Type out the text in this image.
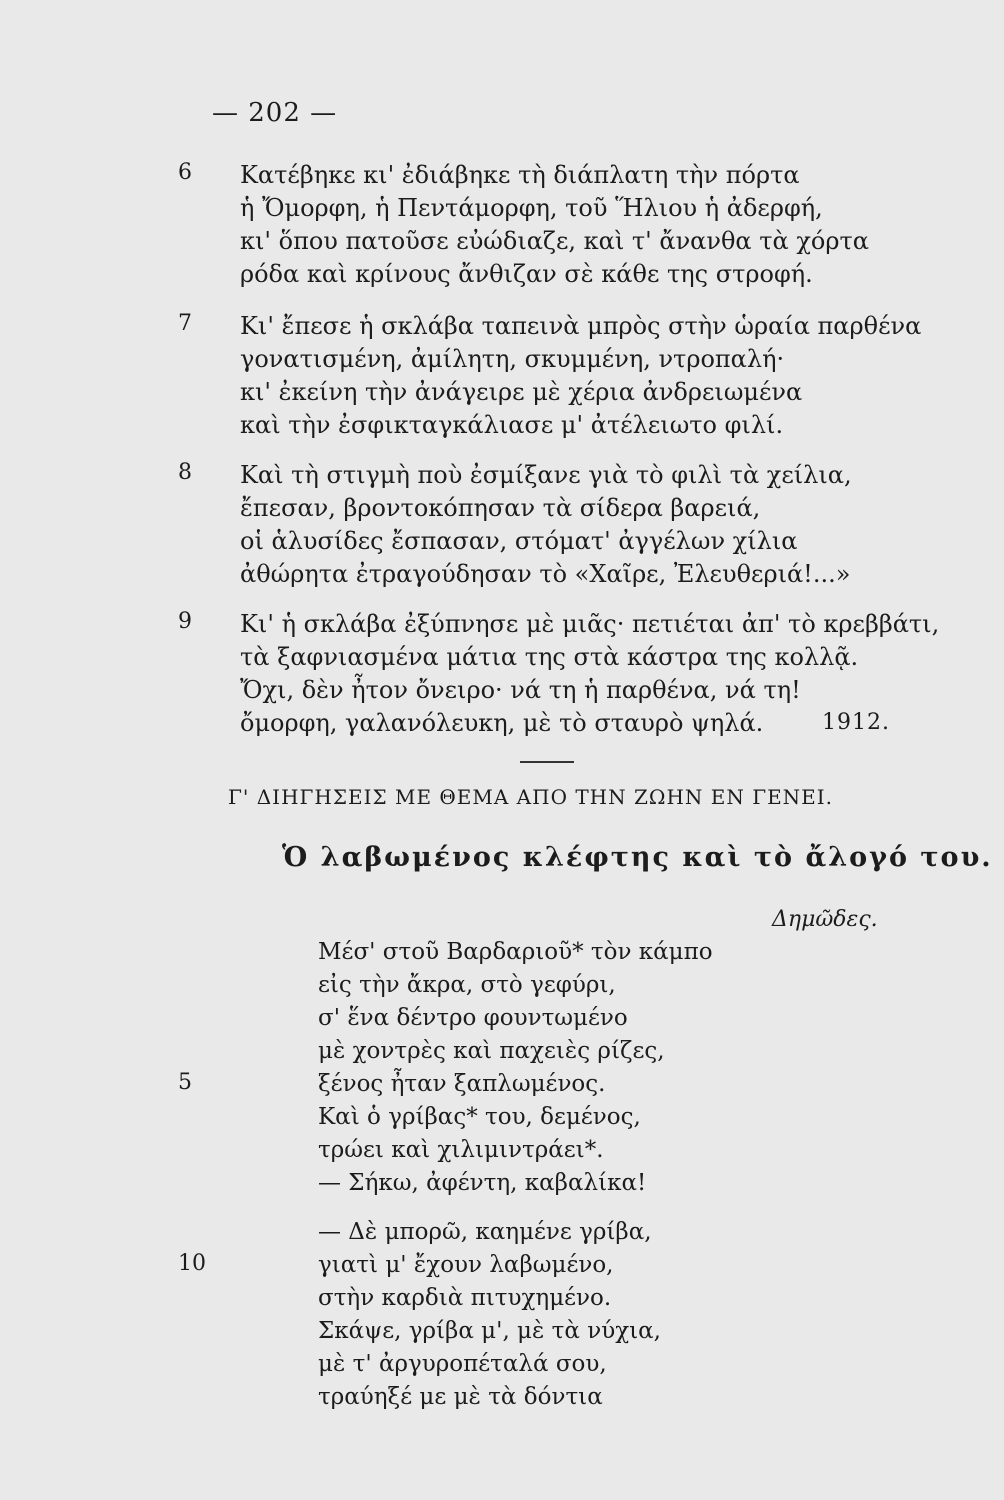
— 202 —
6 Κατέβηκε κι' ἐδιάβηκε τὴ διάπλατη τὴν πόρτα
ἡ Ὄμορφη, ἡ Πεντάμορφη, τοῦ Ἥλιου ἡ ἀδερφή,
κι' ὅπου πατοῦσε εὐώδιαζε, καὶ τ' ἄνανθα τὰ χόρτα
ρόδα καὶ κρίνους ἄνθιζαν σὲ κάθε της στροφή.
7 Κι' ἔπεσε ἡ σκλάβα ταπεινὰ μπρὸς στὴν ὡραία παρθένα
γονατισμένη, ἀμίλητη, σκυμμένη, ντροπαλή·
κι' ἐκείνη τὴν ἀνάγειρε μὲ χέρια ἀνδρειωμένα
καὶ τὴν ἐσφικταγκάλιασε μ' ἀτέλειωτο φιλί.
8 Καὶ τὴ στιγμὴ ποὺ ἐσμίξανε γιὰ τὸ φιλὶ τὰ χείλια,
ἔπεσαν, βροντοκόπησαν τὰ σίδερα βαρειά,
οἱ ἁλυσίδες ἔσπασαν, στόματ' ἀγγέλων χίλια
ἀθώρητα ἐτραγούδησαν τὸ «Χαῖρε, Ἐλευθεριά!...»
9 Κι' ἡ σκλάβα ἐξύπνησε μὲ μιᾶς· πετιέται ἀπ' τὸ κρεββάτι,
τὰ ξαφνιασμένα μάτια της στὰ κάστρα της κολλᾷ.
Ὄχι, δὲν ἦτον ὄνειρο· νά τη ἡ παρθένα, νά τη!
ὄμορφη, γαλανόλευκη, μὲ τὸ σταυρὸ ψηλά.	1912.
Γ' ΔΙΗΓΗΣΕΙΣ ΜΕ ΘΕΜΑ ΑΠΟ ΤΗΝ ΖΩΗΝ ΕΝ ΓΕΝΕΙ.
Ὁ λαβωμένος κλέφτης καὶ τὸ ἄλογό του.
Δημῶδες.
Μέσ' στοῦ Βαρδαριοῦ* τὸν κάμπο
εἰς τὴν ἄκρα, στὸ γεφύρι,
σ' ἕνα δέντρο φουντωμένο
μὲ χοντρὲς καὶ παχειὲς ρίζες,
5	ξένος ἦταν ξαπλωμένος.
Καὶ ὁ γρίβας* του, δεμένος,
τρώει καὶ χιλιμιντράει*.
— Σήκω, ἀφέντη, καβαλίκα!
— Δὲ μπορῶ, καημένε γρίβα,
10	γιατὶ μ' ἔχουν λαβωμένο,
στὴν καρδιὰ πιτυχημένο.
Σκάψε, γρίβα μ', μὲ τὰ νύχια,
μὲ τ' ἀργυροπέταλά σου,
τραύηξέ με μὲ τὰ δόντια
